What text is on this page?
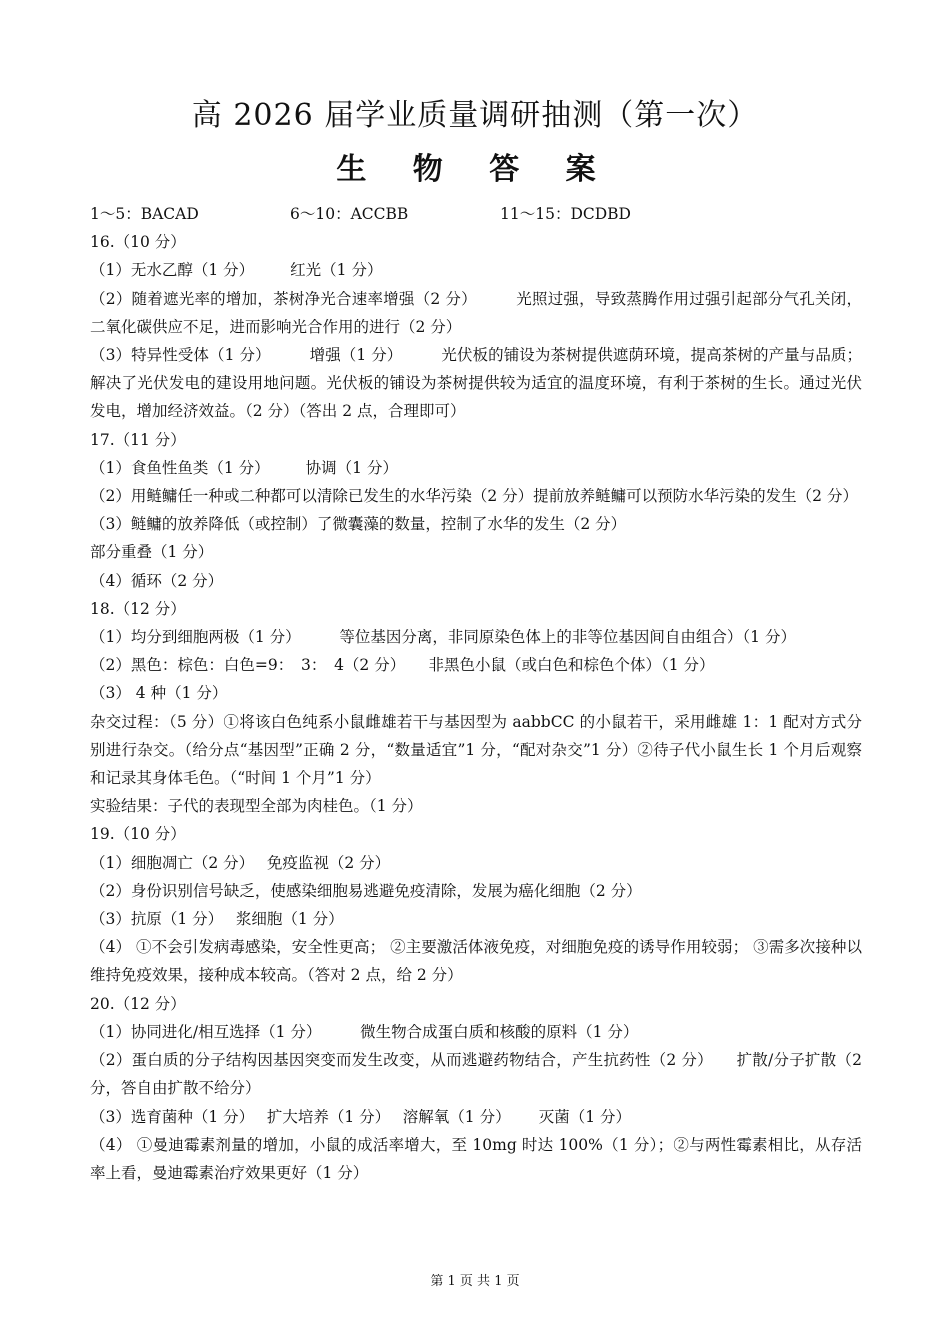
高 2026 届学业质量调研抽测（第一次）
生 物 答 案
1～5：BACAD	6～10：ACCBB	11～15：DCDBD
16.（10 分）
（1）无水乙醇（1 分） 红光（1 分）
（2）随着遮光率的增加，茶树净光合速率增强（2 分）　　　光照过强，导致蒸腾作用过强引起部分气孔关闭，二氧化碳供应不足，进而影响光合作用的进行（2 分）
（3）特异性受体（1 分）　　　增强（1 分）　　　光伏板的铺设为茶树提供遮荫环境，提高茶树的产量与品质；解决了光伏发电的建设用地问题。光伏板的铺设为茶树提供较为适宜的温度环境，有利于茶树的生长。通过光伏发电，增加经济效益。（2 分）（答出 2 点，合理即可）
17.（11 分）
（1）食鱼性鱼类（1 分） 协调（1 分）
（2）用鲢鳙任一种或二种都可以清除已发生的水华污染（2 分）提前放养鲢鳙可以预防水华污染的发生（2 分）
（3）鲢鳙的放养降低（或控制）了微囊藻的数量，控制了水华的发生（2 分）
部分重叠（1 分）
（4）循环（2 分）
18.（12 分）
（1）均分到细胞两极（1 分）　　　等位基因分离，非同原染色体上的非等位基因间自由组合）（1 分）
（2）黑色：棕色：白色=9：　3：　4（2 分）　　非黑色小鼠（或白色和棕色个体）（1 分）
（3） 4 种（1 分）
杂交过程：（5 分）①将该白色纯系小鼠雌雄若干与基因型为 aabbCC 的小鼠若干，采用雌雄 1：1 配对方式分别进行杂交。（给分点“基因型”正确 2 分，“数量适宜”1 分，“配对杂交”1 分）②待子代小鼠生长 1 个月后观察和记录其身体毛色。（“时间 1 个月”1 分）
实验结果：子代的表现型全部为肉桂色。（1 分）
19.（10 分）
（1）细胞凋亡（2 分）　 免疫监视（2 分）
（2）身份识别信号缺乏，使感染细胞易逃避免疫清除，发展为癌化细胞（2 分）
（3）抗原（1 分）　 浆细胞（1 分）
（4） ①不会引发病毒感染，安全性更高； ②主要激活体液免疫，对细胞免疫的诱导作用较弱； ③需多次接种以维持免疫效果，接种成本较高。（答对 2 点，给 2 分）
20.（12 分）
（1）协同进化/相互选择（1 分）　　　微生物合成蛋白质和核酸的原料（1 分）
（2）蛋白质的分子结构因基因突变而发生改变，从而逃避药物结合，产生抗药性（2 分）　　扩散/分子扩散（2 分，答自由扩散不给分）
（3）选育菌种（1 分）　 扩大培养（1 分）　 溶解氧（1 分）　　 灭菌（1 分）
（4） ①曼迪霉素剂量的增加，小鼠的成活率增大，至 10mg 时达 100%（1 分）；②与两性霉素相比，从存活率上看，曼迪霉素治疗效果更好（1 分）
第 1 页 共 1 页
